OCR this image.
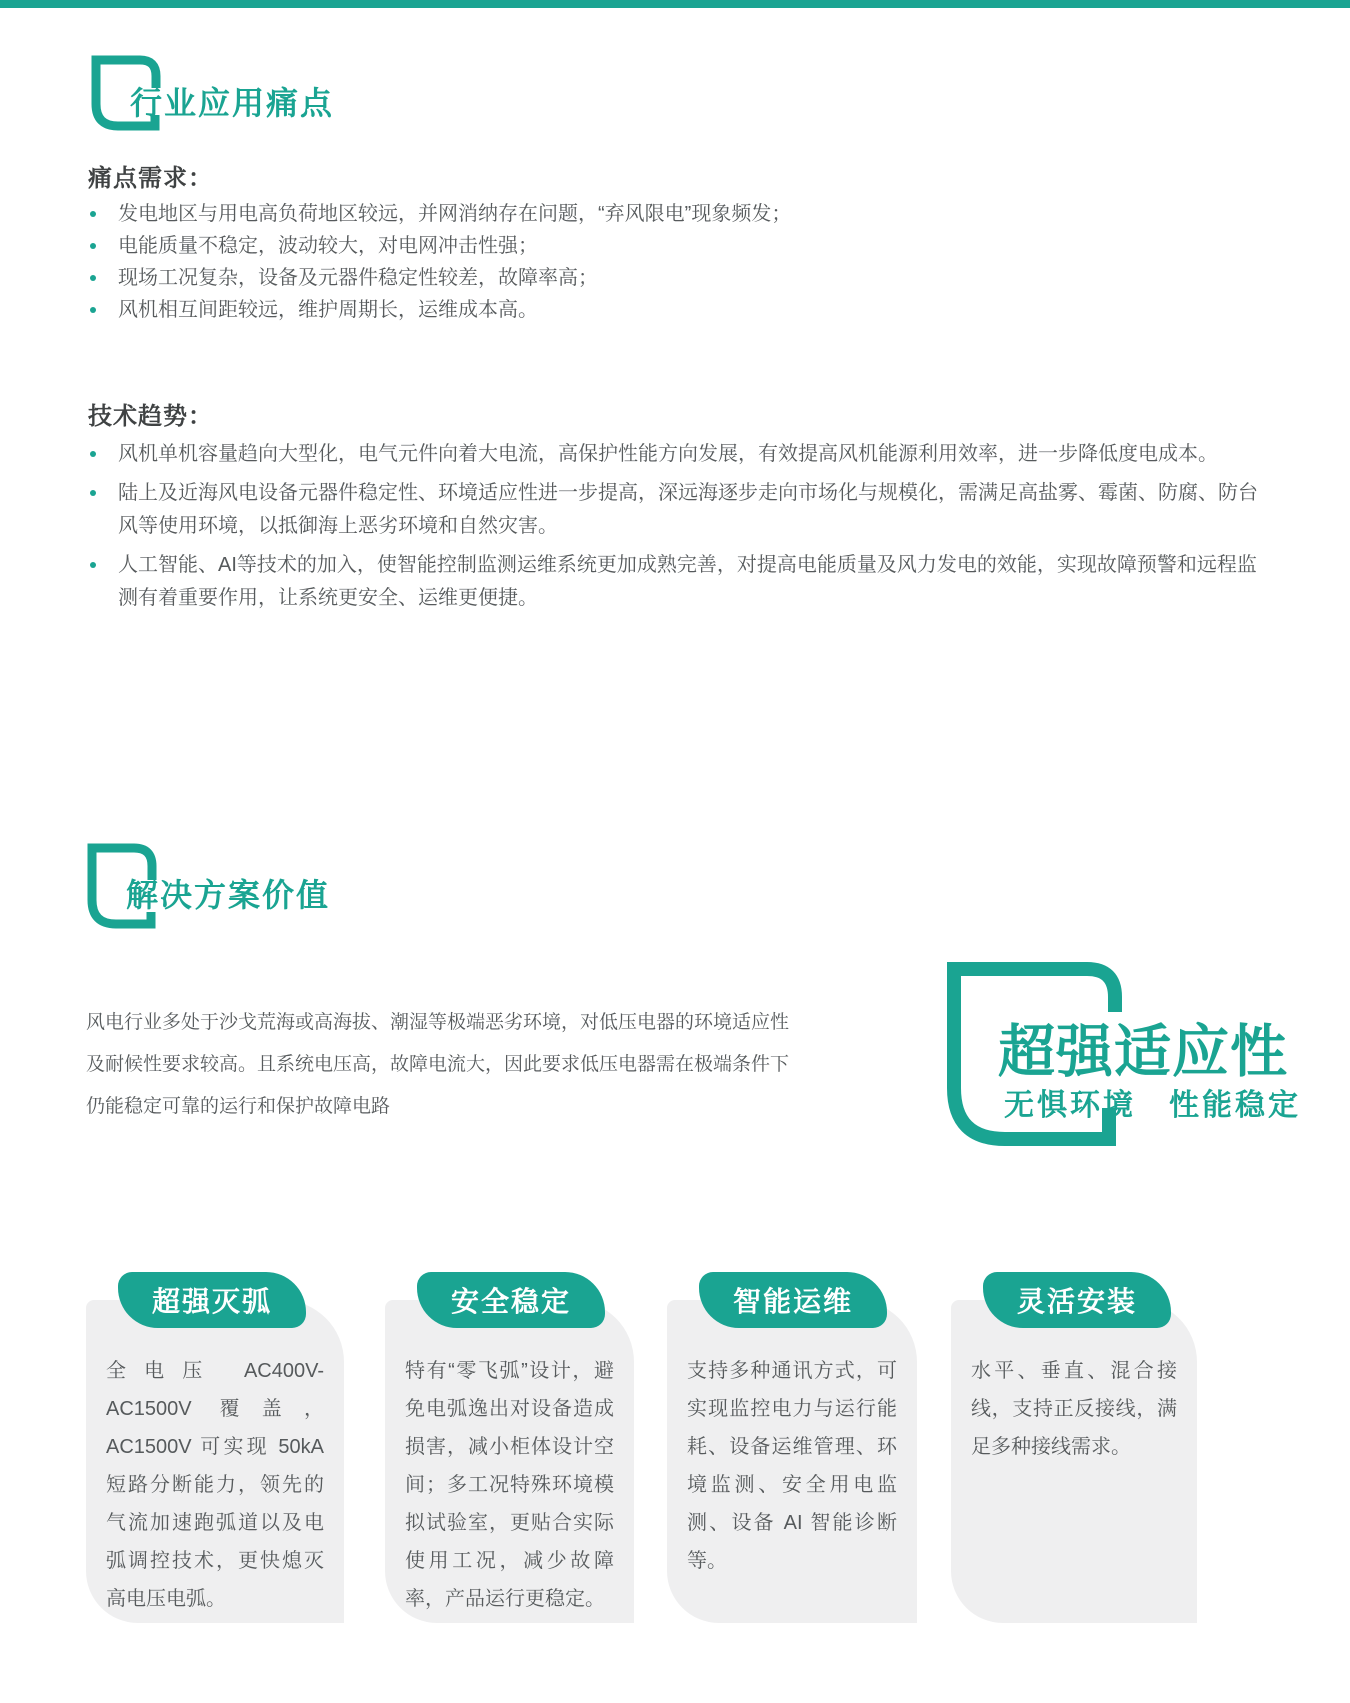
行业应用痛点
痛点需求：
发电地区与用电高负荷地区较远，并网消纳存在问题，“弃风限电”现象频发；
电能质量不稳定，波动较大，对电网冲击性强；
现场工况复杂，设备及元器件稳定性较差，故障率高；
风机相互间距较远，维护周期长，运维成本高。
技术趋势：
风机单机容量趋向大型化，电气元件向着大电流，高保护性能方向发展，有效提高风机能源利用效率，进一步降低度电成本。
陆上及近海风电设备元器件稳定性、环境适应性进一步提高，深远海逐步走向市场化与规模化，需满足高盐雾、霉菌、防腐、防台风等使用环境，以抵御海上恶劣环境和自然灾害。
人工智能、AI等技术的加入，使智能控制监测运维系统更加成熟完善，对提高电能质量及风力发电的效能，实现故障预警和远程监测有着重要作用，让系统更安全、运维更便捷。
解决方案价值
风电行业多处于沙戈荒海或高海拔、潮湿等极端恶劣环境，对低压电器的环境适应性及耐候性要求较高。且系统电压高，故障电流大，因此要求低压电器需在极端条件下仍能稳定可靠的运行和保护故障电路
超强适应性
无惧环境　性能稳定
超强灭弧
全电压 AC400V-AC1500V 覆盖，AC1500V 可实现 50kA 短路分断能力，领先的气流加速跑弧道以及电弧调控技术，更快熄灭高电压电弧。
安全稳定
特有“零飞弧”设计，避免电弧逸出对设备造成损害，减小柜体设计空间；多工况特殊环境模拟试验室，更贴合实际使用工况，减少故障率，产品运行更稳定。
智能运维
支持多种通讯方式，可实现监控电力与运行能耗、设备运维管理、环境监测、安全用电监测、设备 AI 智能诊断等。
灵活安装
水平、垂直、混合接线，支持正反接线，满足多种接线需求。
